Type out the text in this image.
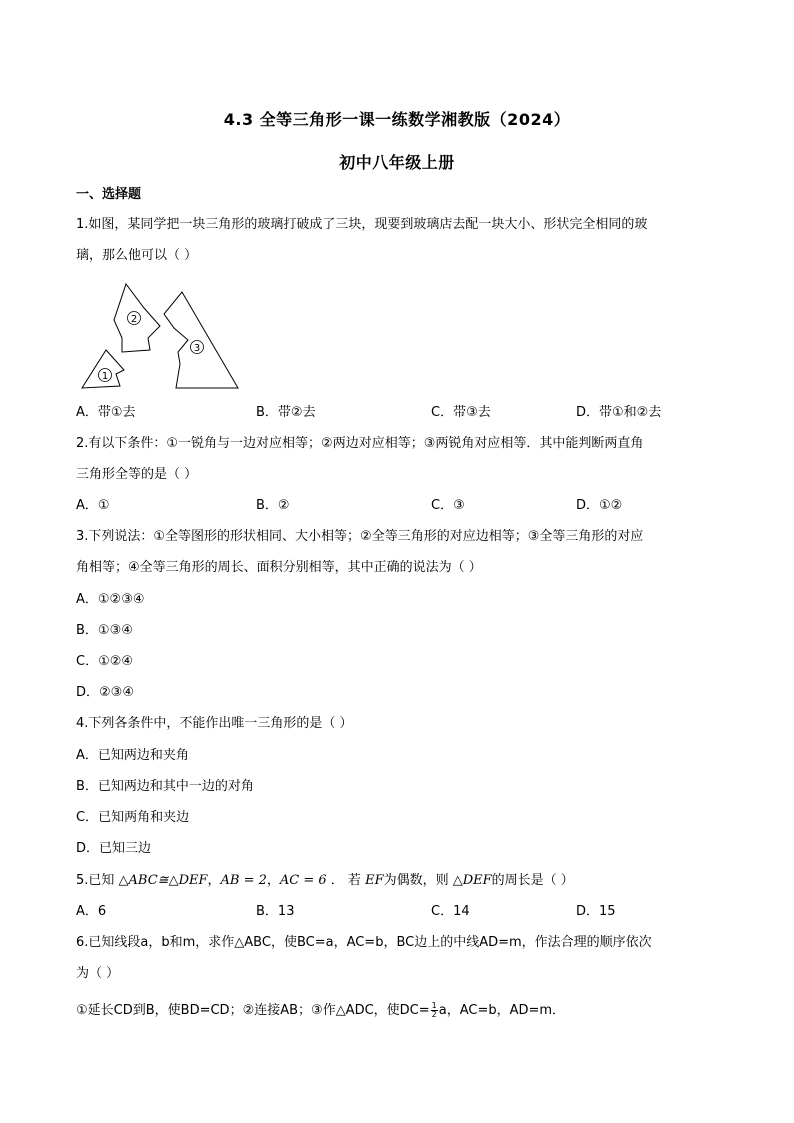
4.3 全等三角形一课一练数学湘教版（2024）
初中八年级上册
一、选择题
1.如图，某同学把一块三角形的玻璃打破成了三块，现要到玻璃店去配一块大小、形状完全相同的玻
璃，那么他可以（ ）
1
2
3
A．带①去	B．带②去	C．带③去	D．带①和②去
2.有以下条件：①一锐角与一边对应相等；②两边对应相等；③两锐角对应相等．其中能判断两直角
三角形全等的是（ ）
A．①	B．②	C．③	D．①②
3.下列说法：①全等图形的形状相同、大小相等；②全等三角形的对应边相等；③全等三角形的对应
角相等；④全等三角形的周长、面积分别相等，其中正确的说法为（ ）
A．①②③④
B．①③④
C．①②④
D．②③④
4.下列各条件中，不能作出唯一三角形的是（ ）
A．已知两边和夹角
B．已知两边和其中一边的对角
C．已知两角和夹边
D．已知三边
5.已知 △ABC≅△DEF，AB = 2，AC = 6 ． 若 EF为偶数，则 △DEF的周长是（ ）
A．6	B．13	C．14	D．15
6.已知线段a，b和m，求作△ABC，使BC=a，AC=b，BC边上的中线AD=m，作法合理的顺序依次
为（ ）
①延长CD到B，使BD=CD；②连接AB；③作△ADC，使$DC= \frac{1}{2}$ a，AC=b，AD=m．
